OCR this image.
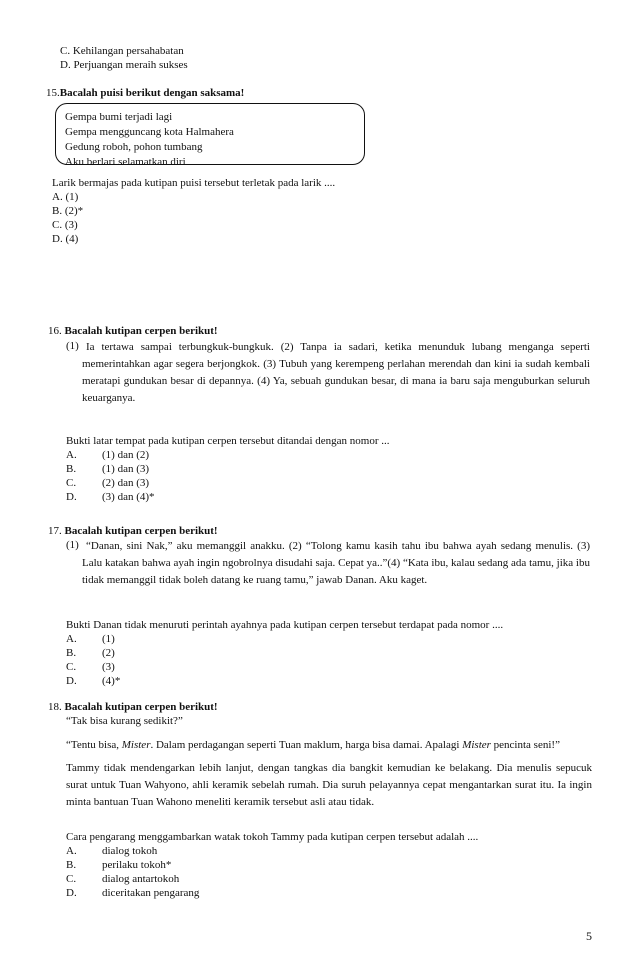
C. Kehilangan persahabatan
D. Perjuangan meraih sukses
15.Bacalah puisi berikut dengan saksama!
Gempa bumi terjadi lagi
Gempa mengguncang kota Halmahera
Gedung roboh, pohon tumbang
Aku berlari selamatkan diri
Larik bermajas pada kutipan puisi tersebut terletak pada larik ....
A. (1)
B. (2)*
C. (3)
D. (4)
16. Bacalah kutipan cerpen berikut!
(1) Ia tertawa sampai terbungkuk-bungkuk. (2) Tanpa ia sadari, ketika menunduk lubang menganga seperti memerintahkan agar segera berjongkok. (3) Tubuh yang kerempeng perlahan merendah dan kini ia sudah kembali meratapi gundukan besar di depannya. (4) Ya, sebuah gundukan besar, di mana ia baru saja menguburkan seluruh keuarganya.
Bukti latar tempat pada kutipan cerpen tersebut ditandai dengan nomor ...
A. (1) dan (2)
B. (1) dan (3)
C. (2) dan (3)
D. (3) dan (4)*
17. Bacalah kutipan cerpen berikut!
(1) “Danan, sini Nak,” aku memanggil anakku. (2) “Tolong kamu kasih tahu ibu bahwa ayah sedang menulis. (3) Lalu katakan bahwa ayah ingin ngobrolnya disudahi saja. Cepat ya..”(4) “Kata ibu, kalau sedang ada tamu, jika ibu tidak memanggil tidak boleh datang ke ruang tamu,” jawab Danan. Aku kaget.
Bukti Danan tidak menuruti perintah ayahnya pada kutipan cerpen tersebut terdapat pada nomor ....
A. (1)
B. (2)
C. (3)
D. (4)*
18. Bacalah kutipan cerpen berikut!
“Tak bisa kurang sedikit?”
“Tentu bisa, Mister. Dalam perdagangan seperti Tuan maklum, harga bisa damai. Apalagi Mister pencinta seni!”
Tammy tidak mendengarkan lebih lanjut, dengan tangkas dia bangkit kemudian ke belakang. Dia menulis sepucuk surat untuk Tuan Wahyono, ahli keramik sebelah rumah. Dia suruh pelayannya cepat mengantarkan surat itu. Ia ingin minta bantuan Tuan Wahono meneliti keramik tersebut asli atau tidak.
Cara pengarang menggambarkan watak tokoh Tammy pada kutipan cerpen tersebut adalah ....
A. dialog tokoh
B. perilaku tokoh*
C. dialog antartokoh
D. diceritakan pengarang
5
